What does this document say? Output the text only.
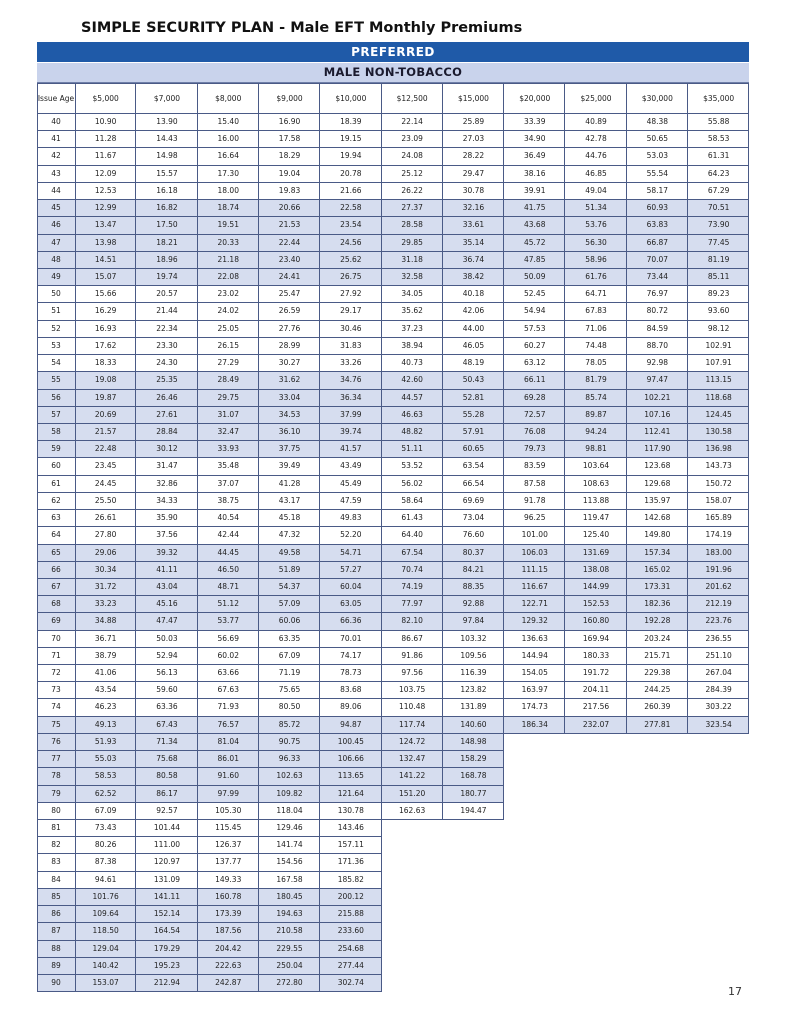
SIMPLE SECURITY PLAN - Male EFT Monthly Premiums
PREFERRED
MALE NON-TOBACCO
Issue Age	$5,000	$7,000	$8,000	$9,000	$10,000	$12,500	$15,000	$20,000	$25,000	$30,000	$35,000
40	10.90	13.90	15.40	16.90	18.39	22.14	25.89	33.39	40.89	48.38	55.88
41	11.28	14.43	16.00	17.58	19.15	23.09	27.03	34.90	42.78	50.65	58.53
42	11.67	14.98	16.64	18.29	19.94	24.08	28.22	36.49	44.76	53.03	61.31
43	12.09	15.57	17.30	19.04	20.78	25.12	29.47	38.16	46.85	55.54	64.23
44	12.53	16.18	18.00	19.83	21.66	26.22	30.78	39.91	49.04	58.17	67.29
45	12.99	16.82	18.74	20.66	22.58	27.37	32.16	41.75	51.34	60.93	70.51
46	13.47	17.50	19.51	21.53	23.54	28.58	33.61	43.68	53.76	63.83	73.90
47	13.98	18.21	20.33	22.44	24.56	29.85	35.14	45.72	56.30	66.87	77.45
48	14.51	18.96	21.18	23.40	25.62	31.18	36.74	47.85	58.96	70.07	81.19
49	15.07	19.74	22.08	24.41	26.75	32.58	38.42	50.09	61.76	73.44	85.11
50	15.66	20.57	23.02	25.47	27.92	34.05	40.18	52.45	64.71	76.97	89.23
51	16.29	21.44	24.02	26.59	29.17	35.62	42.06	54.94	67.83	80.72	93.60
52	16.93	22.34	25.05	27.76	30.46	37.23	44.00	57.53	71.06	84.59	98.12
53	17.62	23.30	26.15	28.99	31.83	38.94	46.05	60.27	74.48	88.70	102.91
54	18.33	24.30	27.29	30.27	33.26	40.73	48.19	63.12	78.05	92.98	107.91
55	19.08	25.35	28.49	31.62	34.76	42.60	50.43	66.11	81.79	97.47	113.15
56	19.87	26.46	29.75	33.04	36.34	44.57	52.81	69.28	85.74	102.21	118.68
57	20.69	27.61	31.07	34.53	37.99	46.63	55.28	72.57	89.87	107.16	124.45
58	21.57	28.84	32.47	36.10	39.74	48.82	57.91	76.08	94.24	112.41	130.58
59	22.48	30.12	33.93	37.75	41.57	51.11	60.65	79.73	98.81	117.90	136.98
60	23.45	31.47	35.48	39.49	43.49	53.52	63.54	83.59	103.64	123.68	143.73
61	24.45	32.86	37.07	41.28	45.49	56.02	66.54	87.58	108.63	129.68	150.72
62	25.50	34.33	38.75	43.17	47.59	58.64	69.69	91.78	113.88	135.97	158.07
63	26.61	35.90	40.54	45.18	49.83	61.43	73.04	96.25	119.47	142.68	165.89
64	27.80	37.56	42.44	47.32	52.20	64.40	76.60	101.00	125.40	149.80	174.19
65	29.06	39.32	44.45	49.58	54.71	67.54	80.37	106.03	131.69	157.34	183.00
66	30.34	41.11	46.50	51.89	57.27	70.74	84.21	111.15	138.08	165.02	191.96
67	31.72	43.04	48.71	54.37	60.04	74.19	88.35	116.67	144.99	173.31	201.62
68	33.23	45.16	51.12	57.09	63.05	77.97	92.88	122.71	152.53	182.36	212.19
69	34.88	47.47	53.77	60.06	66.36	82.10	97.84	129.32	160.80	192.28	223.76
70	36.71	50.03	56.69	63.35	70.01	86.67	103.32	136.63	169.94	203.24	236.55
71	38.79	52.94	60.02	67.09	74.17	91.86	109.56	144.94	180.33	215.71	251.10
72	41.06	56.13	63.66	71.19	78.73	97.56	116.39	154.05	191.72	229.38	267.04
73	43.54	59.60	67.63	75.65	83.68	103.75	123.82	163.97	204.11	244.25	284.39
74	46.23	63.36	71.93	80.50	89.06	110.48	131.89	174.73	217.56	260.39	303.22
75	49.13	67.43	76.57	85.72	94.87	117.74	140.60	186.34	232.07	277.81	323.54
76	51.93	71.34	81.04	90.75	100.45	124.72	148.98
77	55.03	75.68	86.01	96.33	106.66	132.47	158.29
78	58.53	80.58	91.60	102.63	113.65	141.22	168.78
79	62.52	86.17	97.99	109.82	121.64	151.20	180.77
80	67.09	92.57	105.30	118.04	130.78	162.63	194.47
81	73.43	101.44	115.45	129.46	143.46
82	80.26	111.00	126.37	141.74	157.11
83	87.38	120.97	137.77	154.56	171.36
84	94.61	131.09	149.33	167.58	185.82
85	101.76	141.11	160.78	180.45	200.12
86	109.64	152.14	173.39	194.63	215.88
87	118.50	164.54	187.56	210.58	233.60
88	129.04	179.29	204.42	229.55	254.68
89	140.42	195.23	222.63	250.04	277.44
90	153.07	212.94	242.87	272.80	302.74
17
